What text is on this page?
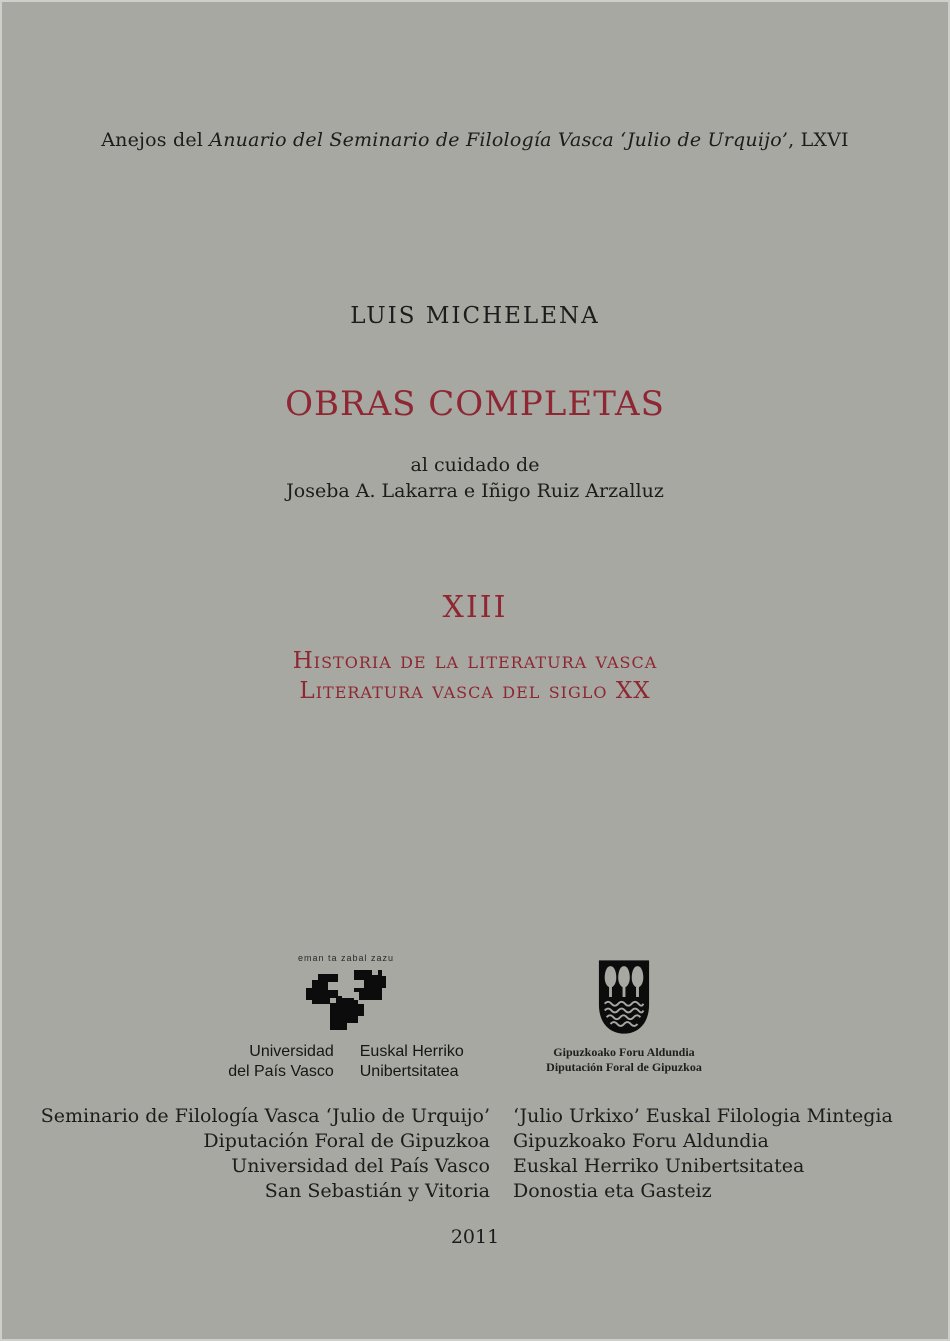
Anejos del Anuario del Seminario de Filología Vasca ‘Julio de Urquijo’, LXVI
LUIS MICHELENA
OBRAS COMPLETAS
al cuidado de
Joseba A. Lakarra e Iñigo Ruiz Arzalluz
XIII
Historia de la literatura vasca
Literatura vasca del siglo XX
eman ta zabal zazu
Universidad
del País Vasco
Euskal Herriko
Unibertsitatea
Gipuzkoako Foru Aldundia
Diputación Foral de Gipuzkoa
Seminario de Filología Vasca ‘Julio de Urquijo’
Diputación Foral de Gipuzkoa
Universidad del País Vasco
San Sebastián y Vitoria
‘Julio Urkixo’ Euskal Filologia Mintegia
Gipuzkoako Foru Aldundia
Euskal Herriko Unibertsitatea
Donostia eta Gasteiz
2011
